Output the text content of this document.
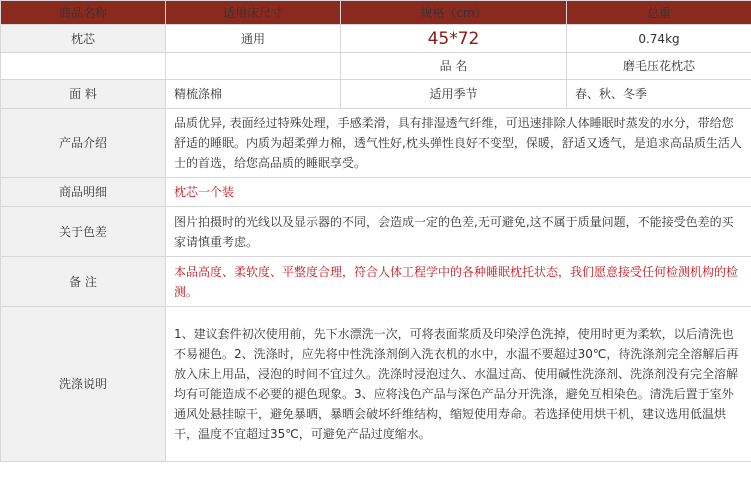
商品名称	适用床尺寸	规格（cm）	总重
枕芯	通用	45*72	0.74kg
		品 名	磨毛压花枕芯
面 料	精梳涤棉	适用季节	春、秋、冬季
产品介绍	品质优异, 表面经过特殊处理，手感柔滑，具有排湿透气纤维，可迅速排除人体睡眠时蒸发的水分，带给您舒适的睡眠。内质为超柔弹力棉，透气性好,枕头弹性良好不变型，保暖，舒适又透气，是追求高品质生活人士的首选，给您高品质的睡眠享受。		
商品明细	枕芯一个装		
关于色差	图片拍摄时的光线以及显示器的不同，会造成一定的色差,无可避免,这不属于质量问题，不能接受色差的买家请慎重考虑。		
备 注	本品高度、柔软度、平整度合理，符合人体工程学中的各种睡眠枕托状态，我们愿意接受任何检测机构的检测。		
洗涤说明	1、建议套件初次使用前，先下水漂洗一次，可将表面浆质及印染浮色洗掉，使用时更为柔软，以后清洗也不易褪色。2、洗涤时，应先将中性洗涤剂倒入洗衣机的水中，水温不要超过30℃，待洗涤剂完全溶解后再放入床上用品，浸泡的时间不宜过久。洗涤时浸泡过久、水温过高、使用碱性洗涤剂、洗涤剂没有完全溶解均有可能造成不必要的褪色现象。3、应将浅色产品与深色产品分开洗涤，避免互相染色。清洗后置于室外通风处悬挂晾干，避免暴晒，暴晒会破坏纤维结构，缩短使用寿命。若选择使用烘干机，建议选用低温烘干，温度不宜超过35℃，可避免产品过度缩水。		
